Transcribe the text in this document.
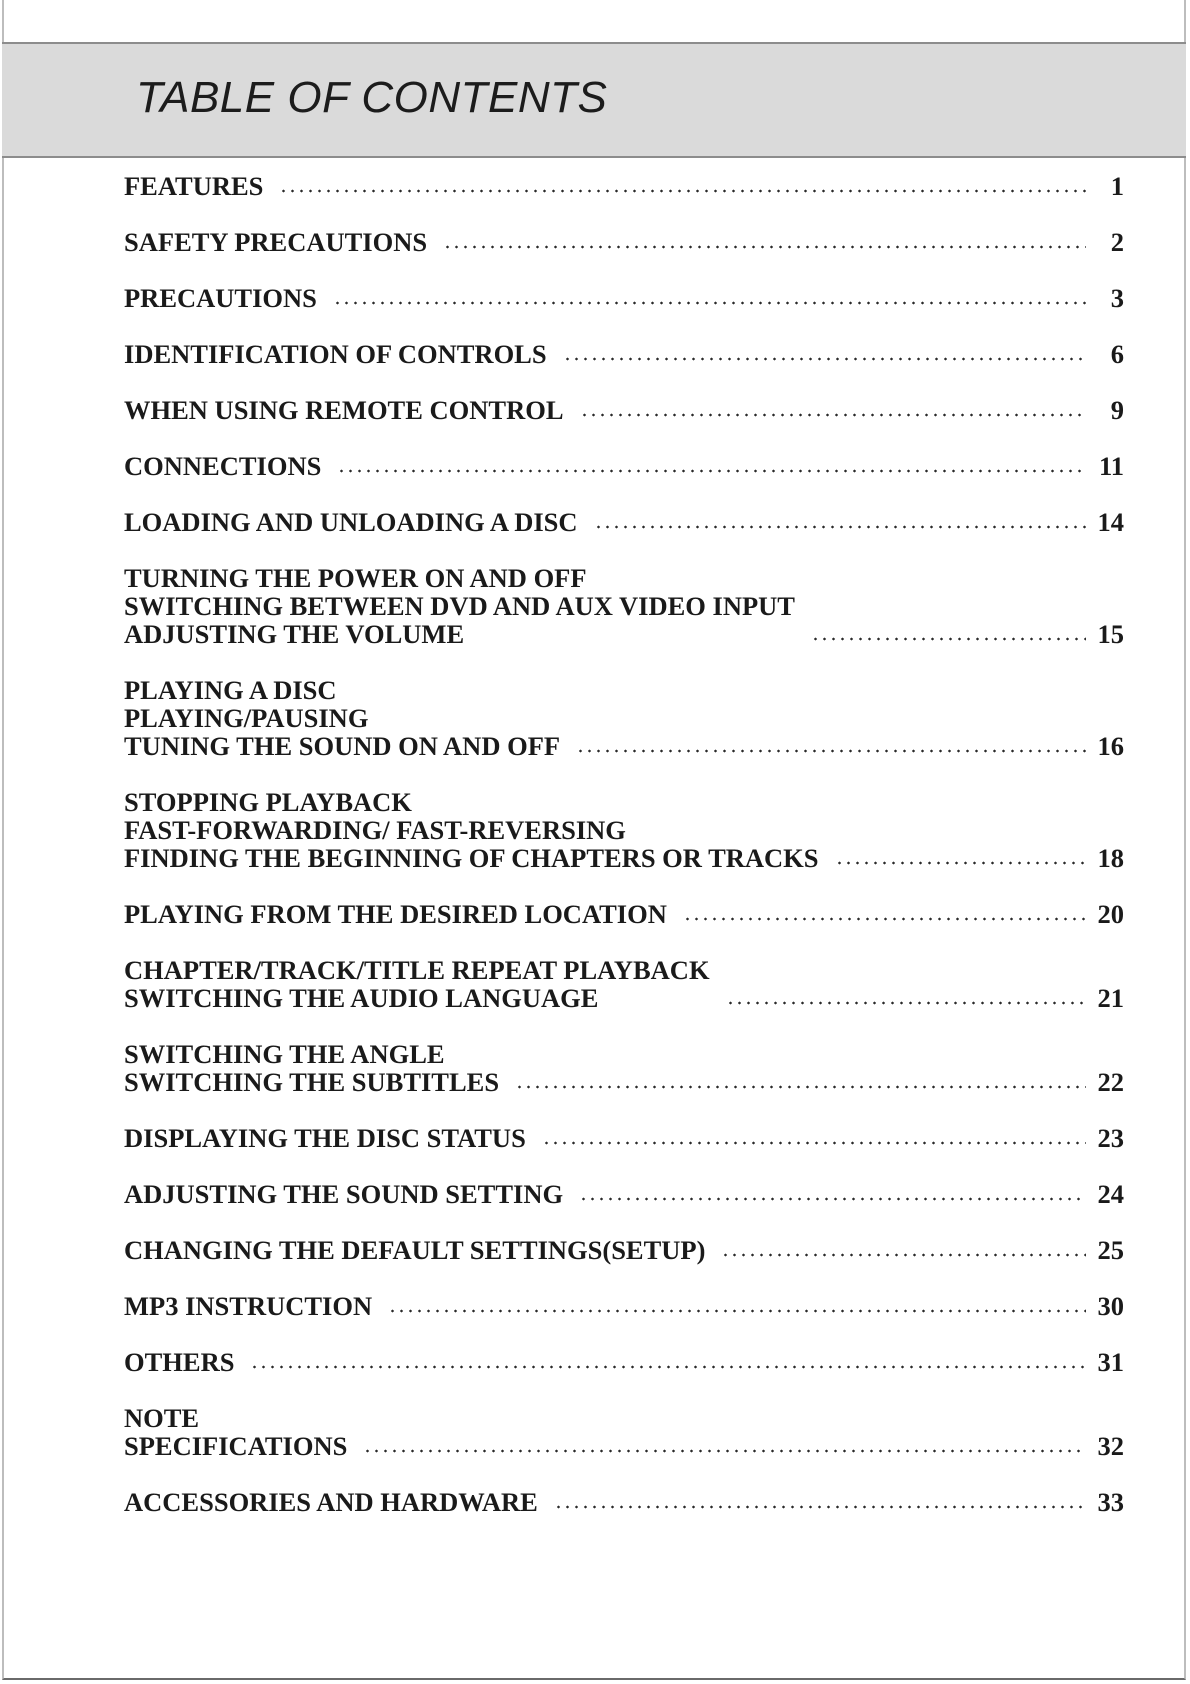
TABLE OF CONTENTS
FEATURES	1
SAFETY PRECAUTIONS	2
PRECAUTIONS	3
IDENTIFICATION OF CONTROLS	6
WHEN USING REMOTE CONTROL	9
CONNECTIONS	11
LOADING AND UNLOADING A DISC	14
TURNING THE POWER ON AND OFF
SWITCHING BETWEEN DVD AND AUX VIDEO INPUT
ADJUSTING THE VOLUME	15
PLAYING A DISC
PLAYING/PAUSING
TUNING THE SOUND ON AND OFF	16
STOPPING PLAYBACK
FAST-FORWARDING/ FAST-REVERSING
FINDING THE BEGINNING OF CHAPTERS OR TRACKS	18
PLAYING FROM THE DESIRED LOCATION	20
CHAPTER/TRACK/TITLE REPEAT PLAYBACK
SWITCHING THE AUDIO LANGUAGE	21
SWITCHING THE ANGLE
SWITCHING THE SUBTITLES	22
DISPLAYING THE DISC STATUS	23
ADJUSTING THE SOUND SETTING	24
CHANGING THE DEFAULT SETTINGS(SETUP)	25
MP3 INSTRUCTION	30
OTHERS	31
NOTE
SPECIFICATIONS	32
ACCESSORIES AND HARDWARE	33
